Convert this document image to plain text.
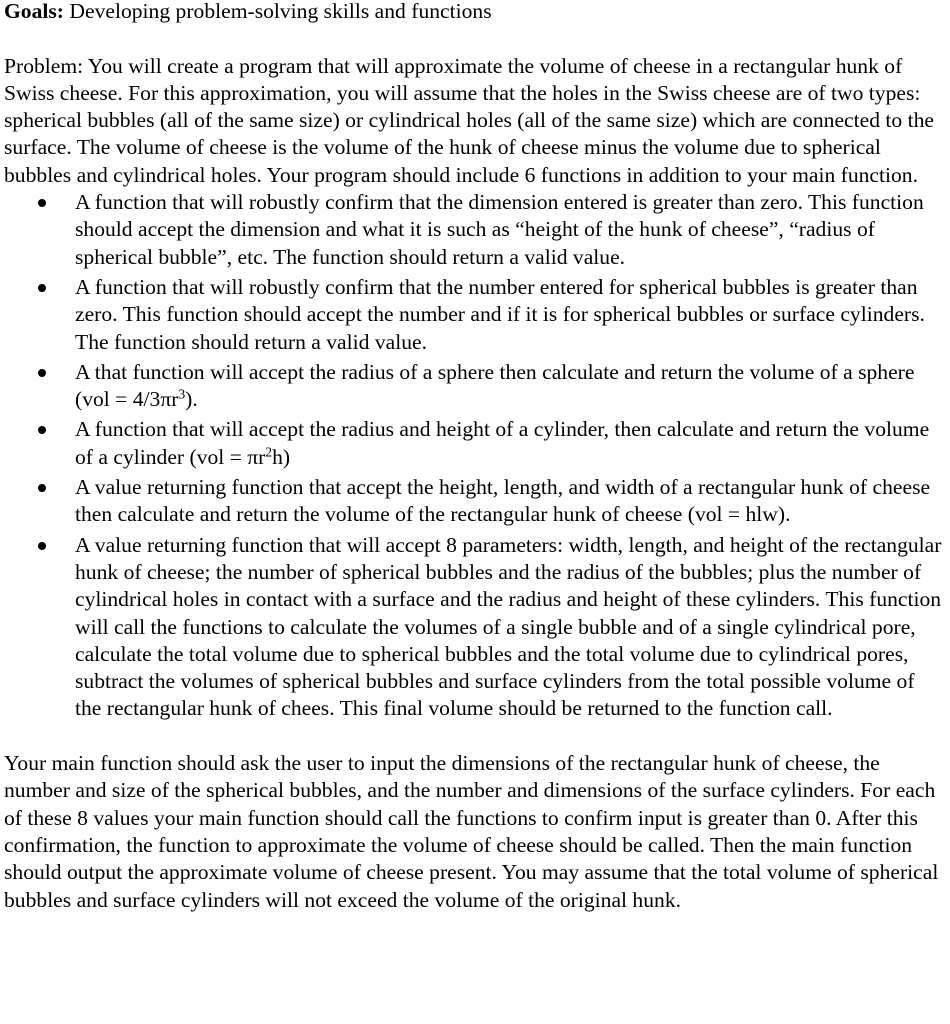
Goals: Developing problem-solving skills and functions

Problem: You will create a program that will approximate the volume of cheese in a rectangular hunk of Swiss cheese. For this approximation, you will assume that the holes in the Swiss cheese are of two types: spherical bubbles (all of the same size) or cylindrical holes (all of the same size) which are connected to the surface. The volume of cheese is the volume of the hunk of cheese minus the volume due to spherical bubbles and cylindrical holes. Your program should include 6 functions in addition to your main function.

A function that will robustly confirm that the dimension entered is greater than zero. This function should accept the dimension and what it is such as “height of the hunk of cheese”, “radius of spherical bubble”, etc. The function should return a valid value.
A function that will robustly confirm that the number entered for spherical bubbles is greater than zero. This function should accept the number and if it is for spherical bubbles or surface cylinders. The function should return a valid value.
A that function will accept the radius of a sphere then calculate and return the volume of a sphere $(vol = 4/3\pi r^3)$.
A function that will accept the radius and height of a cylinder, then calculate and return the volume of a cylinder $(vol = \pi r^2h)$
A value returning function that accept the height, length, and width of a rectangular hunk of cheese then calculate and return the volume of the rectangular hunk of cheese (vol = hlw).
A value returning function that will accept 8 parameters: width, length, and height of the rectangular hunk of cheese; the number of spherical bubbles and the radius of the bubbles; plus the number of cylindrical holes in contact with a surface and the radius and height of these cylinders. This function will call the functions to calculate the volumes of a single bubble and of a single cylindrical pore, calculate the total volume due to spherical bubbles and the total volume due to cylindrical pores, subtract the volumes of spherical bubbles and surface cylinders from the total possible volume of the rectangular hunk of chees. This final volume should be returned to the function call.

Your main function should ask the user to input the dimensions of the rectangular hunk of cheese, the number and size of the spherical bubbles, and the number and dimensions of the surface cylinders. For each of these 8 values your main function should call the functions to confirm input is greater than 0. After this confirmation, the function to approximate the volume of cheese should be called. Then the main function should output the approximate volume of cheese present. You may assume that the total volume of spherical bubbles and surface cylinders will not exceed the volume of the original hunk.
